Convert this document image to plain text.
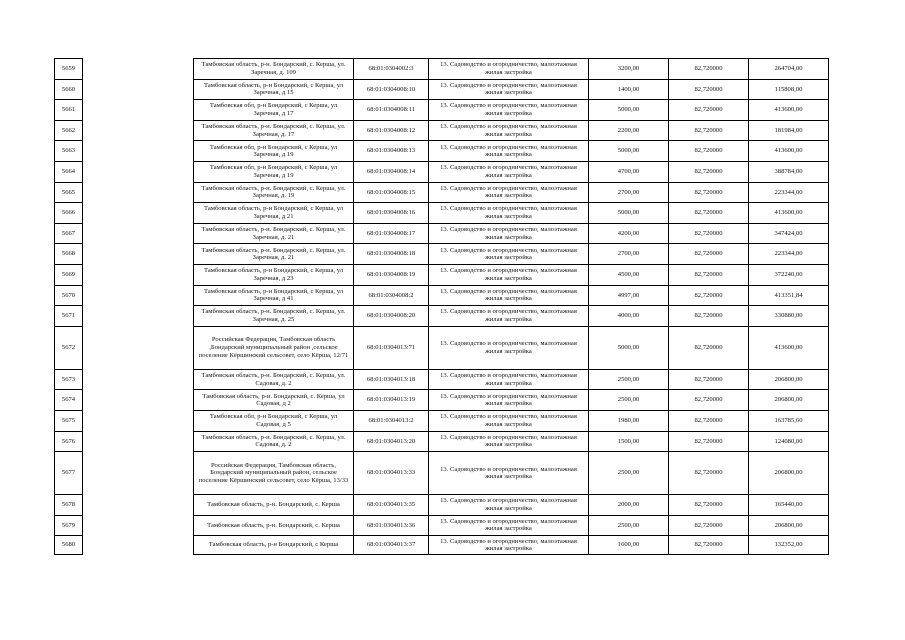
5659		Тамбовская область, р-н. Бондарский, с. Керша, ул. Заречная, д. 109	68:01:0304002:3	13. Садоводство и огородничество, малоэтажная жилая застройка	3200,00	82,720000	264704,00
5660		Тамбовская область, р-н Бондарский, с Керша, ул Заречная, д 15	68:01:0304008:10	13. Садоводство и огородничество, малоэтажная жилая застройка	1400,00	82,720000	115808,00
5661		Тамбовская обл, р-н Бондарский, с Керша, ул Заречная, д 17	68:01:0304008:11	13. Садоводство и огородничество, малоэтажная жилая застройка	5000,00	82,720000	413600,00
5662		Тамбовская область, р-н. Бондарский, с. Керша, ул. Заречная, д. 17	68:01:0304008:12	13. Садоводство и огородничество, малоэтажная жилая застройка	2200,00	82,720000	181984,00
5663		Тамбовская обл, р-н Бондарский, с Керша, ул Заречная, д 19	68:01:0304008:13	13. Садоводство и огородничество, малоэтажная жилая застройка	5000,00	82,720000	413600,00
5664		Тамбовская обл, р-н Бондарский, с Керша, ул Заречная, д 19	68:01:0304008:14	13. Садоводство и огородничество, малоэтажная жилая застройка	4700,00	82,720000	388784,00
5665		Тамбовская область, р-н. Бондарский, с. Керша, ул. Заречная, д. 19	68:01:0304008:15	13. Садоводство и огородничество, малоэтажная жилая застройка	2700,00	82,720000	223344,00
5666		Тамбовская область, р-н Бондарский, с Керша, ул Заречная, д 21	68:01:0304008:16	13. Садоводство и огородничество, малоэтажная жилая застройка	5000,00	82,720000	413600,00
5667		Тамбовская область, р-н. Бондарский, с. Керша, ул. Заречная, д. 21	68:01:0304008:17	13. Садоводство и огородничество, малоэтажная жилая застройка	4200,00	82,720000	347424,00
5668		Тамбовская область, р-н. Бондарский, с. Керша, ул. Заречная, д. 21	68:01:0304008:18	13. Садоводство и огородничество, малоэтажная жилая застройка	2700,00	82,720000	223344,00
5669		Тамбовская область, р-н Бондарский, с Керша, ул Заречная, д 23	68:01:0304008:19	13. Садоводство и огородничество, малоэтажная жилая застройка	4500,00	82,720000	372240,00
5670		Тамбовская область, р-н Бондарский, с Керша, ул Заречная, д 41	68:01:0304008:2	13. Садоводство и огородничество, малоэтажная жилая застройка	4997,00	82,720000	413351,84
5671		Тамбовская область, р-н. Бондарский, с. Керша, ул. Заречная, д. 25	68:01:0304008:20	13. Садоводство и огородничество, малоэтажная жилая застройка	4000,00	82,720000	330880,00
5672		Российская Федерация, Тамбовская область ,Бондарский муниципальный район ,сельское поселение Кёршинский сельсовет, село Кёрша, 12/71	68:01:0304013:71	13. Садоводство и огородничество, малоэтажная жилая застройка	5000,00	82,720000	413600,00
5673		Тамбовская область, р-н. Бондарский, с. Керша, ул. Садовая, д. 2	68:01:0304013:18	13. Садоводство и огородничество, малоэтажная жилая застройка	2500,00	82,720000	206800,00
5674		Тамбовская область, р-н. Бондарский, с. Керша, ул Садовая, д 2	68:01:0304013:19	13. Садоводство и огородничество, малоэтажная жилая застройка	2500,00	82,720000	206800,00
5675		Тамбовская обл, р-н Бондарский, с Керша, ул Садовая, д 5	68:01:0304013:2	13. Садоводство и огородничество, малоэтажная жилая застройка	1980,00	82,720000	163785,60
5676		Тамбовская область, р-н. Бондарский, с. Керша, ул. Садовая, д. 2	68:01:0304013:20	13. Садоводство и огородничество, малоэтажная жилая застройка	1500,00	82,720000	124080,00
5677		Российская Федерация, Тамбовская область, Бондарский муниципальный район, сельское поселение Кёршинский сельсовет, село Кёрша, 13/33	68:01:0304013:33	13. Садоводство и огородничество, малоэтажная жилая застройка	2500,00	82,720000	206800,00
5678		Тамбовская область, р-н. Бондарский, с. Керша	68:01:0304013:35	13. Садоводство и огородничество, малоэтажная жилая застройка	2000,00	82,720000	165440,00
5679		Тамбовская область, р-н. Бондарский, с. Керша	68:01:0304013:36	13. Садоводство и огородничество, малоэтажная жилая застройка	2500,00	82,720000	206800,00
5680		Тамбовская область, р-н Бондарский, с Керша	68:01:0304013:37	13. Садоводство и огородничество, малоэтажная жилая застройка	1600,00	82,720000	132352,00
